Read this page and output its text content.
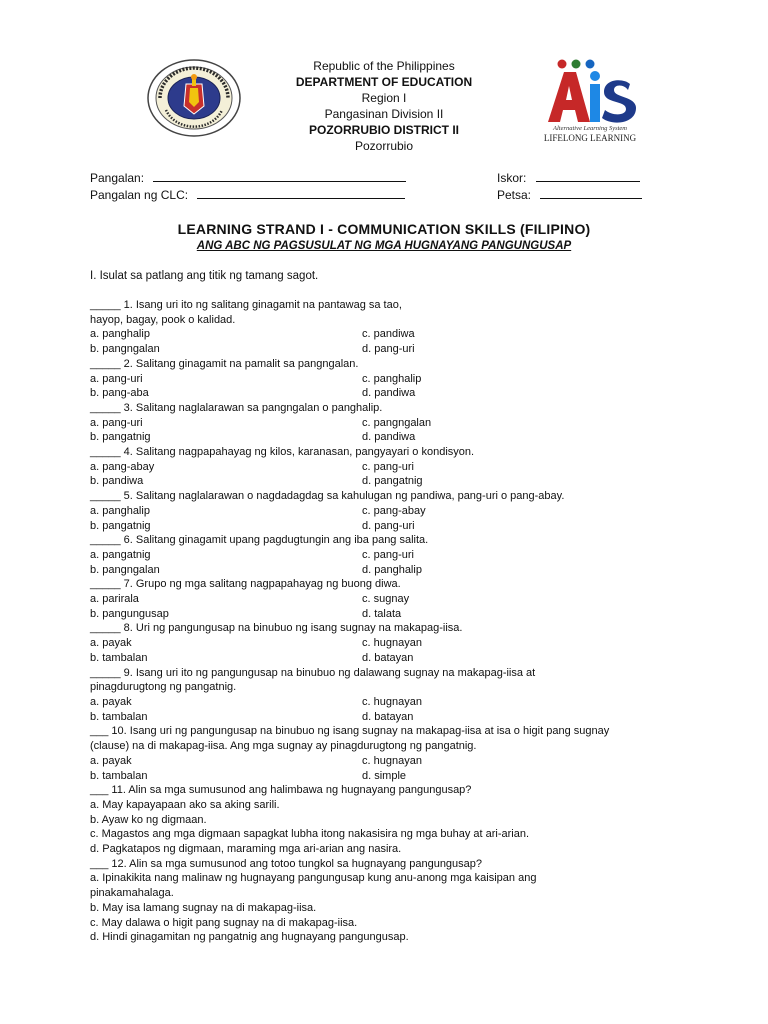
Alternative Learning System
LIFELONG LEARNING
Republic of the Philippines
DEPARTMENT OF EDUCATION
Region I
Pangasinan Division II
POZORRUBIO DISTRICT II
Pozorrubio
Pangalan:
Pangalan ng CLC:
Iskor:
Petsa:
LEARNING STRAND I - COMMUNICATION SKILLS (FILIPINO)
ANG ABC NG PAGSUSULAT NG MGA HUGNAYANG PANGUNGUSAP
I. Isulat sa patlang ang titik ng tamang sagot.
_____ 1. Isang uri ito ng salitang ginagamit na pantawag sa tao,
hayop, bagay, pook o kalidad.
a. panghalip	c. pandiwa
b. pangngalan	d. pang-uri
_____ 2. Salitang ginagamit na pamalit sa pangngalan.
a. pang-uri	c. panghalip
b. pang-aba	d. pandiwa
_____ 3. Salitang naglalarawan sa pangngalan o panghalip.
a. pang-uri	c. pangngalan
b. pangatnig	d. pandiwa
_____ 4. Salitang nagpapahayag ng kilos, karanasan, pangyayari o kondisyon.
a. pang-abay	c. pang-uri
b. pandiwa	d. pangatnig
_____ 5. Salitang naglalarawan o nagdadagdag sa kahulugan ng pandiwa, pang-uri o pang-abay.
a. panghalip	c. pang-abay
b. pangatnig	d. pang-uri
_____ 6. Salitang ginagamit upang pagdugtungin ang iba pang salita.
a. pangatnig	c. pang-uri
b. pangngalan	d. panghalip
_____ 7. Grupo ng mga salitang nagpapahayag ng buong diwa.
a. parirala	c. sugnay
b. pangungusap	d. talata
_____ 8. Uri ng pangungusap na binubuo ng isang sugnay na makapag-iisa.
a. payak	c. hugnayan
b. tambalan	d. batayan
_____ 9. Isang uri ito ng pangungusap na binubuo ng dalawang sugnay na makapag-iisa at
pinagdurugtong ng pangatnig.
a. payak	c. hugnayan
b. tambalan	d. batayan
___ 10. Isang uri ng pangungusap na binubuo ng isang sugnay na makapag-iisa at isa o higit pang sugnay
(clause) na di makapag-iisa. Ang mga sugnay ay pinagdurugtong ng pangatnig.
a. payak	c. hugnayan
b. tambalan	d. simple
___ 11. Alin sa mga sumusunod ang halimbawa ng hugnayang pangungusap?
a. May kapayapaan ako sa aking sarili.
b. Ayaw ko ng digmaan.
c. Magastos ang mga digmaan sapagkat lubha itong nakasisira ng mga buhay at ari-arian.
d. Pagkatapos ng digmaan, maraming mga ari-arian ang nasira.
___ 12. Alin sa mga sumusunod ang totoo tungkol sa hugnayang pangungusap?
a. Ipinakikita nang malinaw ng hugnayang pangungusap kung anu-anong mga kaisipan ang
pinakamahalaga.
b. May isa lamang sugnay na di makapag-iisa.
c. May dalawa o higit pang sugnay na di makapag-iisa.
d. Hindi ginagamitan ng pangatnig ang hugnayang pangungusap.
